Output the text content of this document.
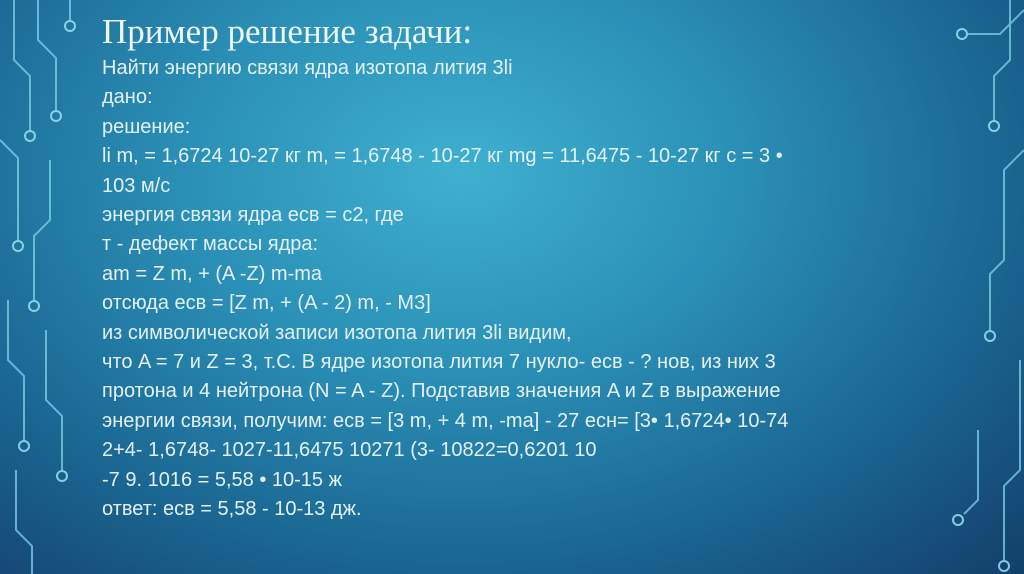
Пример решение задачи:

Найти энергию связи ядра изотопа лития 3li

дано:

решение:

li m, = 1,6724 10-27 кг m, = 1,6748 - 10-27 кг mg = 11,6475 - 10-27 кг с = 3 •

103 м/с

энергия связи ядра есв = с2, где

т - дефект массы ядра:

am = Z m, + (A -Z) m-ma

отсюда есв = [Z m, + (A - 2) m, - M3]

из символической записи изотопа лития 3li видим,

что A = 7 и Z = 3, т.С. В ядре изотопа лития 7 нукло- есв - ? нов, из них 3

протона и 4 нейтрона (N = A - Z). Подставив значения A и Z в выражение

энергии связи, получим: есв = [3 m, + 4 m, -ma] - 27 есн= [3• 1,6724• 10-74

2+4- 1,6748- 1027-11,6475 10271 (3- 10822=0,6201 10

-7 9. 1016 = 5,58 • 10-15 ж

ответ: есв = 5,58 - 10-13 дж.
